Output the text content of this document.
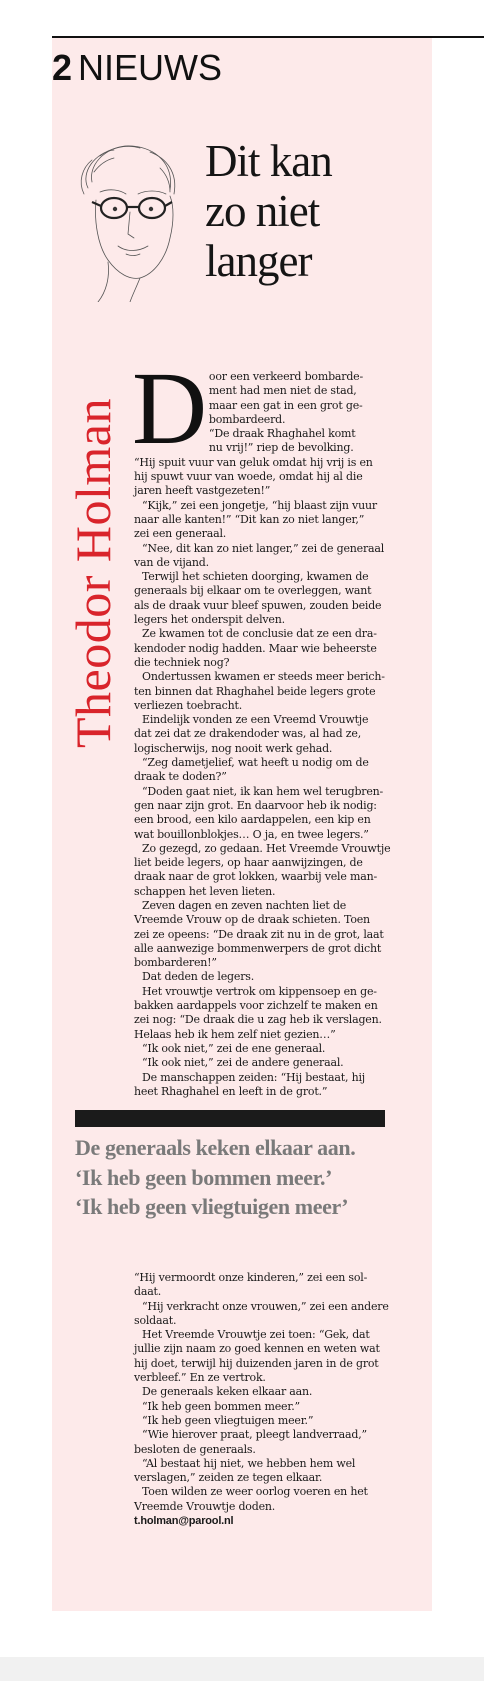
2 NIEUWS
Dit kan
zo niet
langer
Theodor Holman D oor een verkeerd bombarde-

ment had men niet de stad,

maar een gat in een grot ge-

bombardeerd.

“De draak Rhaghahel komt

nu vrij!” riep de bevolking.

“Hij spuit vuur van geluk omdat hij vrij is en

hij spuwt vuur van woede, omdat hij al die

jaren heeft vastgezeten!”

“Kijk,” zei een jongetje, “hij blaast zijn vuur

naar alle kanten!” “Dit kan zo niet langer,”

zei een generaal.

“Nee, dit kan zo niet langer,” zei de generaal

van de vijand.

Terwijl het schieten doorging, kwamen de

generaals bij elkaar om te overleggen, want

als de draak vuur bleef spuwen, zouden beide

legers het onderspit delven.

Ze kwamen tot de conclusie dat ze een dra-

kendoder nodig hadden. Maar wie beheerste

die techniek nog?

Ondertussen kwamen er steeds meer berich-

ten binnen dat Rhaghahel beide legers grote

verliezen toebracht.

Eindelijk vonden ze een Vreemd Vrouwtje

dat zei dat ze drakendoder was, al had ze,

logischerwijs, nog nooit werk gehad.

“Zeg dametjelief, wat heeft u nodig om de

draak te doden?”

“Doden gaat niet, ik kan hem wel terugbren-

gen naar zijn grot. En daarvoor heb ik nodig:

een brood, een kilo aardappelen, een kip en

wat bouillonblokjes… O ja, en twee legers.”

Zo gezegd, zo gedaan. Het Vreemde Vrouwtje

liet beide legers, op haar aanwijzingen, de

draak naar de grot lokken, waarbij vele man-

schappen het leven lieten.

Zeven dagen en zeven nachten liet de

Vreemde Vrouw op de draak schieten. Toen

zei ze opeens: “De draak zit nu in de grot, laat

alle aanwezige bommenwerpers de grot dicht

bombarderen!”

Dat deden de legers.

Het vrouwtje vertrok om kippensoep en ge-

bakken aardappels voor zichzelf te maken en

zei nog: “De draak die u zag heb ik verslagen.

Helaas heb ik hem zelf niet gezien…”

“Ik ook niet,” zei de ene generaal.

“Ik ook niet,” zei de andere generaal.

De manschappen zeiden: “Hij bestaat, hij

heet Rhaghahel en leeft in de grot.”

De generaals keken elkaar aan.
‘Ik heb geen bommen meer.’
‘Ik heb geen vliegtuigen meer’

“Hij vermoordt onze kinderen,” zei een sol-

daat.

“Hij verkracht onze vrouwen,” zei een andere

soldaat.

Het Vreemde Vrouwtje zei toen: “Gek, dat

jullie zijn naam zo goed kennen en weten wat

hij doet, terwijl hij duizenden jaren in de grot

verbleef.” En ze vertrok.

De generaals keken elkaar aan.

“Ik heb geen bommen meer.”

“Ik heb geen vliegtuigen meer.”

“Wie hierover praat, pleegt landverraad,”

besloten de generaals.

“Al bestaat hij niet, we hebben hem wel

verslagen,” zeiden ze tegen elkaar.

Toen wilden ze weer oorlog voeren en het

Vreemde Vrouwtje doden.

t.holman@parool.nl
